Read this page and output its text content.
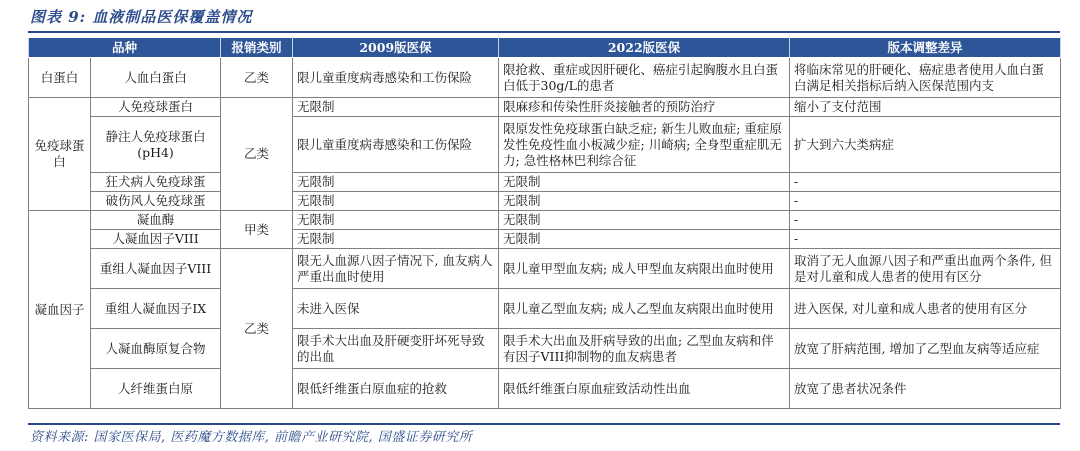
图表 9: 血液制品医保覆盖情况
品种		报销类别	2009版医保	2022版医保	版本调整差异
白蛋白	人血白蛋白	乙类	限儿童重度病毒感染和工伤保险	限抢救、重症或因肝硬化、癌症引起胸腹水且白蛋白低于30g/L的患者	将临床常见的肝硬化、癌症患者使用人血白蛋白满足相关指标后纳入医保范围内支
免疫球蛋白	人免疫球蛋白	乙类	无限制	限麻疹和传染性肝炎接触者的预防治疗	缩小了支付范围
	静注人免疫球蛋白(pH4)		限儿童重度病毒感染和工伤保险	限原发性免疫球蛋白缺乏症; 新生儿败血症; 重症原发性免疫性血小板减少症; 川崎病; 全身型重症肌无力; 急性格林巴利综合征	扩大到六大类病症
	狂犬病人免疫球蛋		无限制	无限制	-
	破伤风人免疫球蛋		无限制	无限制	-
凝血因子	凝血酶	甲类	无限制	无限制	-
	人凝血因子VIII		无限制	无限制	-
	重组人凝血因子VIII	乙类	限无人血源八因子情况下, 血友病人严重出血时使用	限儿童甲型血友病; 成人甲型血友病限出血时使用	取消了无人血源八因子和严重出血两个条件, 但是对儿童和成人患者的使用有区分
	重组人凝血因子IX		未进入医保	限儿童乙型血友病; 成人乙型血友病限出血时使用	进入医保, 对儿童和成人患者的使用有区分
	人凝血酶原复合物		限手术大出血及肝硬变肝坏死导致的出血	限手术大出血及肝病导致的出血; 乙型血友病和伴有因子VIII抑制物的血友病患者	放宽了肝病范围, 增加了乙型血友病等适应症
	人纤维蛋白原		限低纤维蛋白原血症的抢救	限低纤维蛋白原血症致活动性出血	放宽了患者状况条件
资料来源: 国家医保局, 医药魔方数据库, 前瞻产业研究院, 国盛证券研究所
